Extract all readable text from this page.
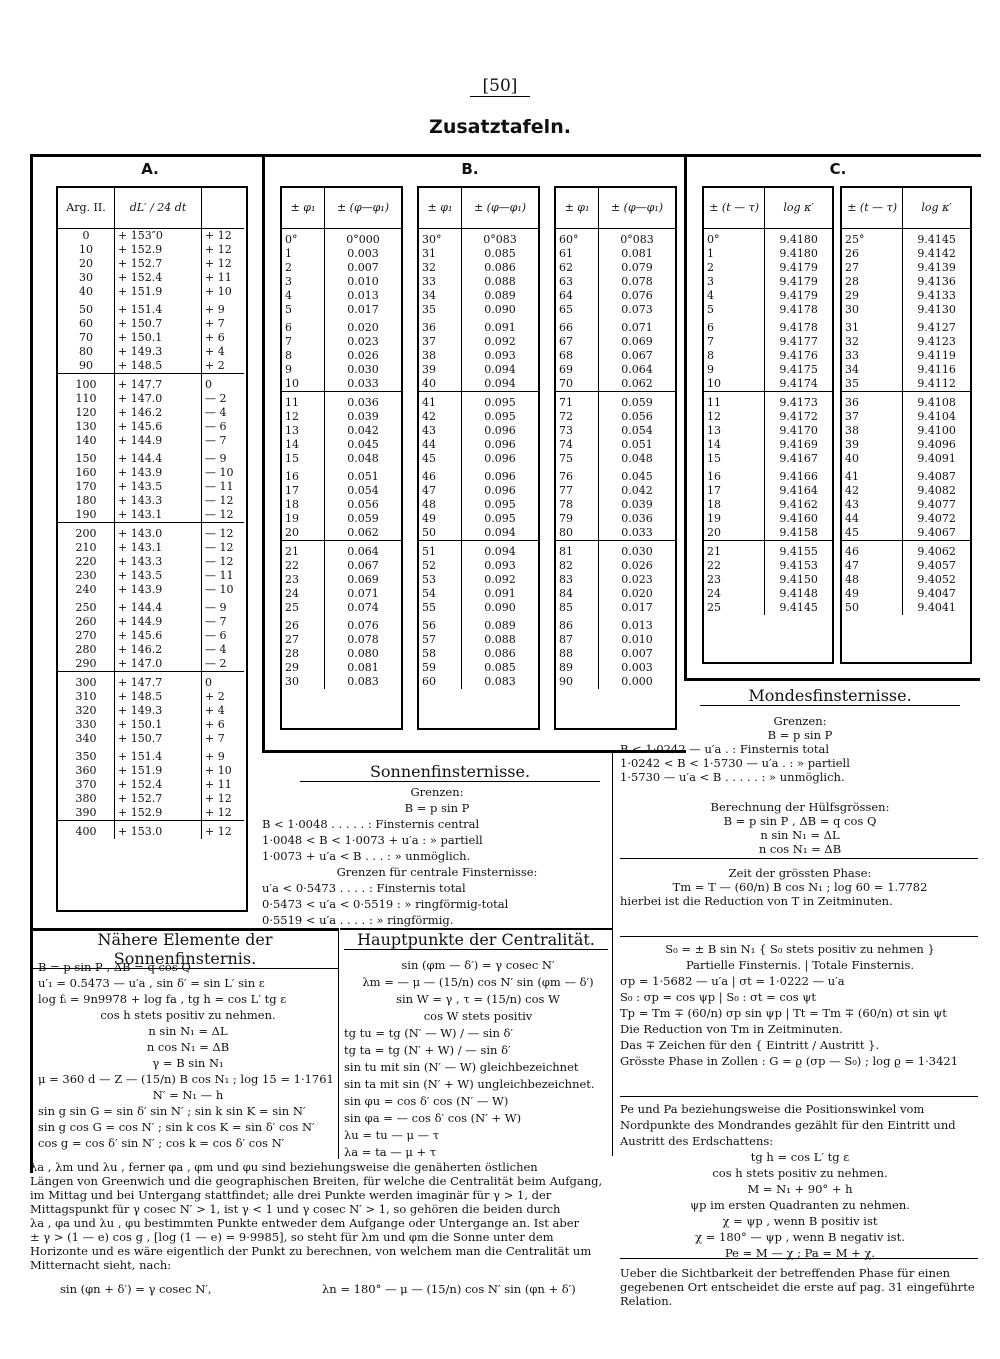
[50]
Zusatztafeln.
A.
Arg. II.	dL′ / 24 dt	
0	+ 153″0	+ 12
10	+ 152.9	+ 12
20	+ 152.7	+ 12
30	+ 152.4	+ 11
40	+ 151.9	+ 10
50	+ 151.4	+ 9
60	+ 150.7	+ 7
70	+ 150.1	+ 6
80	+ 149.3	+ 4
90	+ 148.5	+ 2
100	+ 147.7	0
110	+ 147.0	— 2
120	+ 146.2	— 4
130	+ 145.6	— 6
140	+ 144.9	— 7
150	+ 144.4	— 9
160	+ 143.9	— 10
170	+ 143.5	— 11
180	+ 143.3	— 12
190	+ 143.1	— 12
200	+ 143.0	— 12
210	+ 143.1	— 12
220	+ 143.3	— 12
230	+ 143.5	— 11
240	+ 143.9	— 10
250	+ 144.4	— 9
260	+ 144.9	— 7
270	+ 145.6	— 6
280	+ 146.2	— 4
290	+ 147.0	— 2
300	+ 147.7	0
310	+ 148.5	+ 2
320	+ 149.3	+ 4
330	+ 150.1	+ 6
340	+ 150.7	+ 7
350	+ 151.4	+ 9
360	+ 151.9	+ 10
370	+ 152.4	+ 11
380	+ 152.7	+ 12
390	+ 152.9	+ 12
400	+ 153.0	+ 12
B.
± φ₁	± (φ—φ₁)
0°	0°000
1	0.003
2	0.007
3	0.010
4	0.013
5	0.017
6	0.020
7	0.023
8	0.026
9	0.030
10	0.033
11	0.036
12	0.039
13	0.042
14	0.045
15	0.048
16	0.051
17	0.054
18	0.056
19	0.059
20	0.062
21	0.064
22	0.067
23	0.069
24	0.071
25	0.074
26	0.076
27	0.078
28	0.080
29	0.081
30	0.083
± φ₁	± (φ—φ₁)
30°	0°083
31	0.085
32	0.086
33	0.088
34	0.089
35	0.090
36	0.091
37	0.092
38	0.093
39	0.094
40	0.094
41	0.095
42	0.095
43	0.096
44	0.096
45	0.096
46	0.096
47	0.096
48	0.095
49	0.095
50	0.094
51	0.094
52	0.093
53	0.092
54	0.091
55	0.090
56	0.089
57	0.088
58	0.086
59	0.085
60	0.083
± φ₁	± (φ—φ₁)
60°	0°083
61	0.081
62	0.079
63	0.078
64	0.076
65	0.073
66	0.071
67	0.069
68	0.067
69	0.064
70	0.062
71	0.059
72	0.056
73	0.054
74	0.051
75	0.048
76	0.045
77	0.042
78	0.039
79	0.036
80	0.033
81	0.030
82	0.026
83	0.023
84	0.020
85	0.017
86	0.013
87	0.010
88	0.007
89	0.003
90	0.000
C.
± (t — τ)	log κ′
0°	9.4180
1	9.4180
2	9.4179
3	9.4179
4	9.4179
5	9.4178
6	9.4178
7	9.4177
8	9.4176
9	9.4175
10	9.4174
11	9.4173
12	9.4172
13	9.4170
14	9.4169
15	9.4167
16	9.4166
17	9.4164
18	9.4162
19	9.4160
20	9.4158
21	9.4155
22	9.4153
23	9.4150
24	9.4148
25	9.4145
± (t — τ)	log κ′
25°	9.4145
26	9.4142
27	9.4139
28	9.4136
29	9.4133
30	9.4130
31	9.4127
32	9.4123
33	9.4119
34	9.4116
35	9.4112
36	9.4108
37	9.4104
38	9.4100
39	9.4096
40	9.4091
41	9.4087
42	9.4082
43	9.4077
44	9.4072
45	9.4067
46	9.4062
47	9.4057
48	9.4052
49	9.4047
50	9.4041
Sonnenfinsternisse.
Grenzen:
B = p sin P
B < 1·0048 . . . . . : Finsternis central
1·0048 < B < 1·0073 + u′a : » partiell
1·0073 + u′a < B . . . : » unmöglich.
Grenzen für centrale Finsternisse:
u′a < 0·5473 . . . . : Finsternis total
0·5473 < u′a < 0·5519 : » ringförmig-total
0·5519 < u′a . . . . : » ringförmig.
Nähere Elemente der Sonnenfinsternis.
B = p sin P , ΔB = q cos Q
u′₁ = 0.5473 — u′a , sin δ′ = sin L′ sin ε
log fᵢ = 9n9978 + log fa , tg h = cos L′ tg ε
cos h stets positiv zu nehmen.
n sin N₁ = ΔL
n cos N₁ = ΔB
γ = B sin N₁
μ = 360 d — Z — (15/n) B cos N₁ ; log 15 = 1·1761
N′ = N₁ — h
sin g sin G = sin δ′ sin N′ ; sin k sin K = sin N′
sin g cos G = cos N′ ; sin k cos K = sin δ′ cos N′
cos g = cos δ′ sin N′ ; cos k = cos δ′ cos N′
Hauptpunkte der Centralität.
sin (φm — δ′) = γ cosec N′
λm = — μ — (15/n) cos N′ sin (φm — δ′)
sin W = γ , τ = (15/n) cos W
cos W stets positiv
tg tu = tg (N′ — W) / — sin δ′
tg ta = tg (N′ + W) / — sin δ′
sin tu mit sin (N′ — W) gleichbezeichnet
sin ta mit sin (N′ + W) ungleichbezeichnet.
sin φu = cos δ′ cos (N′ — W)
sin φa = — cos δ′ cos (N′ + W)
λu = tu — μ — τ
λa = ta — μ + τ
λa , λm und λu , ferner φa , φm und φu sind beziehungsweise die genäherten östlichen
Längen von Greenwich und die geographischen Breiten, für welche die Centralität beim Aufgang,
im Mittag und bei Untergang stattfindet; alle drei Punkte werden imaginär für γ > 1, der
Mittagspunkt für γ cosec N′ > 1, ist γ < 1 und γ cosec N′ > 1, so gehören die beiden durch
λa , φa und λu , φu bestimmten Punkte entweder dem Aufgange oder Untergange an. Ist aber
± γ > (1 — e) cos g , [log (1 — e) = 9·9985], so steht für λm und φm die Sonne unter dem
Horizonte und es wäre eigentlich der Punkt zu berechnen, von welchem man die Centralität um
Mitternacht sieht, nach:
sin (φn + δ′) = γ cosec N′,	λn = 180° — μ — (15/n) cos N′ sin (φn + δ′)
Mondesfinsternisse.
Grenzen:
B = p sin P
B < 1·0242 — u′a . : Finsternis total
1·0242 < B < 1·5730 — u′a . : » partiell
1·5730 — u′a < B . . . . . : » unmöglich.
Berechnung der Hülfsgrössen:
B = p sin P , ΔB = q cos Q
n sin N₁ = ΔL
n cos N₁ = ΔB
Zeit der grössten Phase:
Tm = T — (60/n) B cos N₁ ; log 60 = 1.7782
hierbei ist die Reduction von T in Zeitminuten.
S₀ = ± B sin N₁ { S₀ stets positiv zu nehmen }
Partielle Finsternis. | Totale Finsternis.
σp = 1·5682 — u′a | σt = 1·0222 — u′a
S₀ : σp = cos ψp | S₀ : σt = cos ψt
Tp = Tm ∓ (60/n) σp sin ψp | Tt = Tm ∓ (60/n) σt sin ψt
Die Reduction von Tm in Zeitminuten.
Das ∓ Zeichen für den { Eintritt / Austritt }.
Grösste Phase in Zollen : G = ϱ (σp — S₀) ; log ϱ = 1·3421
Pe und Pa beziehungsweise die Positionswinkel vom
Nordpunkte des Mondrandes gezählt für den Eintritt und
Austritt des Erdschattens:
tg h = cos L′ tg ε
cos h stets positiv zu nehmen.
M = N₁ + 90° + h
ψp im ersten Quadranten zu nehmen.
χ = ψp , wenn B positiv ist
χ = 180° — ψp , wenn B negativ ist.
Pe = M — χ ; Pa = M + χ.
Ueber die Sichtbarkeit der betreffenden Phase für einen
gegebenen Ort entscheidet die erste auf pag. 31 eingeführte
Relation.
